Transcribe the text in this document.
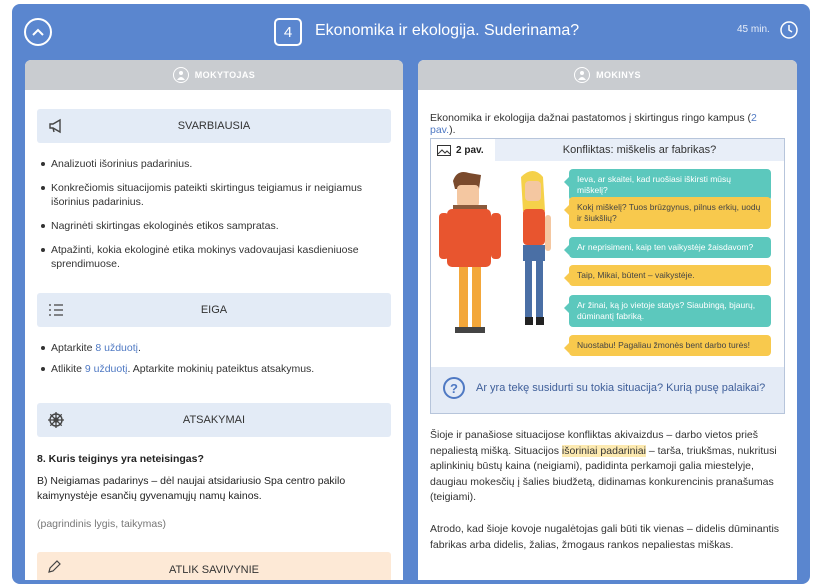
4	Ekonomika ir ekologija. Suderinama?	45 min.
MOKYTOJAS
SVARBIAUSIA
Analizuoti išorinius padarinius.
Konkrečiomis situacijomis pateikti skirtingus teigiamus ir neigiamus išorinius padarinius.
Nagrinėti skirtingas ekologinės etikos sampratas.
Atpažinti, kokia ekologinė etika mokinys vadovaujasi kasdieniuose sprendimuose.
EIGA
Aptarkite 8 užduotį.
Atlikite 9 užduotį. Aptarkite mokinių pateiktus atsakymus.
ATSAKYMAI
8. Kuris teiginys yra neteisingas?
B) Neigiamas padarinys – dėl naujai atsidariusio Spa centro pakilo
kaimynystėje esančių gyvenamųjų namų kainos.
(pagrindinis lygis, taikymas)
ATLIK SAVIVYNIE
MOKINYS
Ekonomika ir ekologija dažnai pastatomos į skirtingus ringo kampus (2 pav.).
2 pav.	Konfliktas: miškelis ar fabrikas?
Ieva, ar skaitei, kad ruošiasi iškirsti mūsų miškelį?
Kokį miškelį? Tuos brūzgynus, pilnus erkių, uodų ir šiukšlių?
Ar neprisimeni, kaip ten vaikystėje žaisdavom?
Taip, Mikai, būtent – vaikystėje.
Ar žinai, ką jo vietoje statys? Siaubingą, bjaurų, dūminantį fabriką.
Nuostabu! Pagaliau žmonės bent darbo turės!
?	Ar yra tekę susidurti su tokia situacija? Kurią pusę palaikai?
Šioje ir panašiose situacijose konfliktas akivaizdus – darbo vietos prieš
nepaliestą mišką. Situacijos išoriniai padariniai – tarša, triukšmas, nukritusi
aplinkinių būstų kaina (neigiami), padidinta perkamoji galia miestelyje,
daugiau mokesčių į šalies biudžetą, didinamas konkurencinis pranašumas
(teigiami).
Atrodo, kad šioje kovoje nugalėtojas gali būti tik vienas – didelis dūminantis
fabrikas arba didelis, žalias, žmogaus rankos nepaliestas miškas.
